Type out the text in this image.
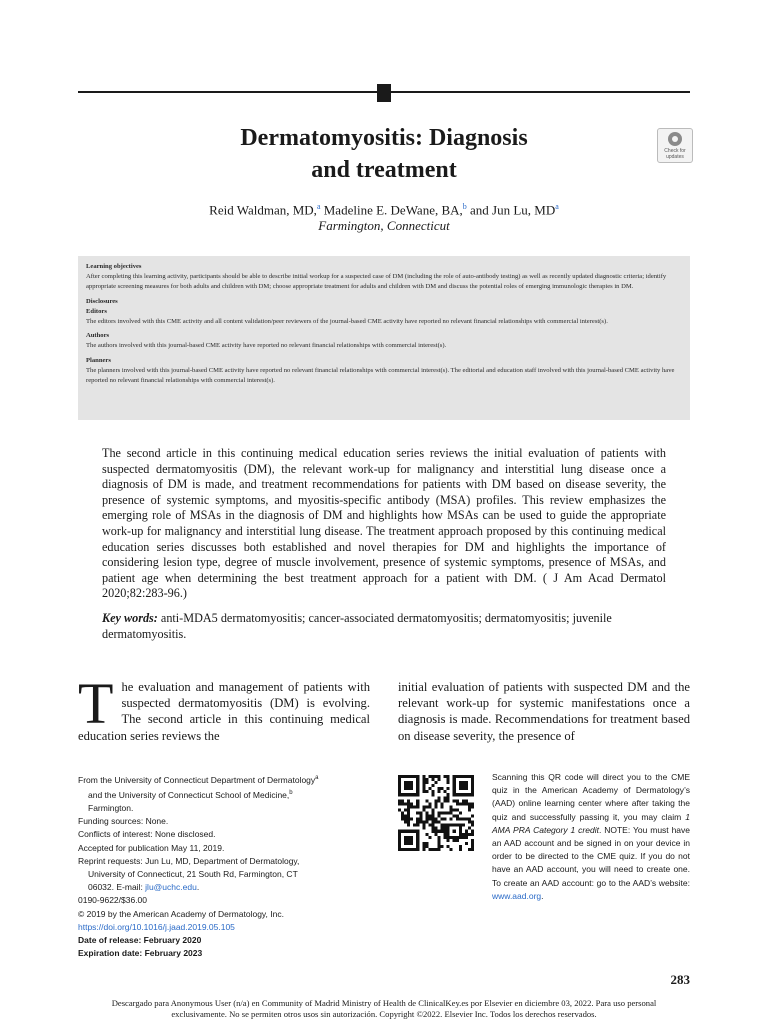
Dermatomyositis: Diagnosis
and treatment
Check for updates
Reid Waldman, MD,$^a$ Madeline E. DeWane, BA,$^b$ and Jun Lu, $MD^a$
Farmington, Connecticut
Learning objectives
After completing this learning activity, participants should be able to describe initial workup for a suspected case of DM (including the role of auto-antibody testing) as well as recently updated diagnostic criteria; identify appropriate screening measures for both adults and children with DM; choose appropriate treatment for adults and children with DM and discuss the potential roles of emerging immunologic therapies in DM.
Disclosures
Editors
The editors involved with this CME activity and all content validation/peer reviewers of the journal-based CME activity have reported no relevant financial relationships with commercial interest(s).
Authors
The authors involved with this journal-based CME activity have reported no relevant financial relationships with commercial interest(s).
Planners
The planners involved with this journal-based CME activity have reported no relevant financial relationships with commercial interest(s). The editorial and education staff involved with this journal-based CME activity have reported no relevant financial relationships with commercial interest(s).
The second article in this continuing medical education series reviews the initial evaluation of patients with suspected dermatomyositis (DM), the relevant work-up for malignancy and interstitial lung disease once a diagnosis of DM is made, and treatment recommendations for patients with DM based on disease severity, the presence of systemic symptoms, and myositis-specific antibody (MSA) profiles. This review emphasizes the emerging role of MSAs in the diagnosis of DM and highlights how MSAs can be used to guide the appropriate work-up for malignancy and interstitial lung disease. The treatment approach proposed by this continuing medical education series discusses both established and novel therapies for DM and highlights the importance of considering lesion type, degree of muscle involvement, presence of systemic symptoms, presence of MSAs, and patient age when determining the best treatment approach for a patient with DM. ( J Am Acad Dermatol 2020;82:283-96.)
Key words: anti-MDA5 dermatomyositis; cancer-associated dermatomyositis; dermatomyositis; juvenile dermatomyositis.
The evaluation and management of patients with suspected dermatomyositis (DM) is evolving. The second article in this continuing medical education series reviews the
initial evaluation of patients with suspected DM and the relevant work-up for systemic manifestations once a diagnosis is made. Recommendations for treatment based on disease severity, the presence of
From the University of Connecticut Department of Dermatology$^a$
and the University of Connecticut School of Medicine,$^b$
Farmington.
Funding sources: None.
Conflicts of interest: None disclosed.
Accepted for publication May 11, 2019.
Reprint requests: Jun Lu, MD, Department of Dermatology,
University of Connecticut, 21 South Rd, Farmington, CT
06032. E-mail: jlu@uchc.edu.
0190-9622/$36.00
© 2019 by the American Academy of Dermatology, Inc.
https://doi.org/10.1016/j.jaad.2019.05.105
Date of release: February 2020
Expiration date: February 2023
Scanning this QR code will direct you to the CME quiz in the American Academy of Dermatology’s (AAD) online learning center where after taking the quiz and successfully passing it, you may claim 1 AMA PRA Category 1 credit. NOTE: You must have an AAD account and be signed in on your device in order to be directed to the CME quiz. If you do not have an AAD account, you will need to create one. To create an AAD account: go to the AAD’s website: www.aad.org.
283
Descargado para Anonymous User (n/a) en Community of Madrid Ministry of Health de ClinicalKey.es por Elsevier en diciembre 03, 2022. Para uso personal exclusivamente. No se permiten otros usos sin autorización. Copyright ©2022. Elsevier Inc. Todos los derechos reservados.
